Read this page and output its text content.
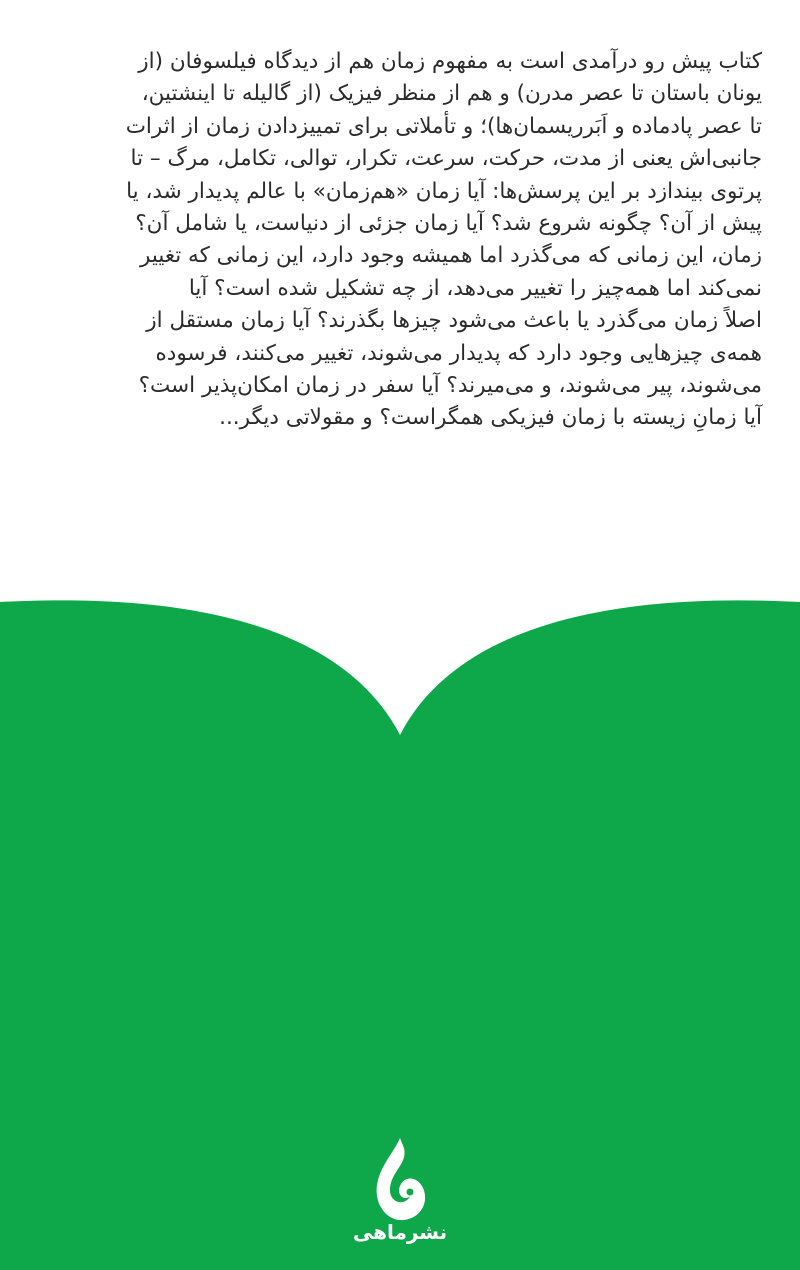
کتاب پیش رو درآمدی است به مفهوم زمان هم از دیدگاه فیلسوفان (از
یونان باستان تا عصر مدرن) و هم از منظر فیزیک (از گالیله تا اینشتین،
تا عصر پادماده و اَبَرریسمان‌ها)؛ و تأملاتی برای تمییزدادن زمان از اثرات
جانبی‌اش یعنی از مدت، حرکت، سرعت، تکرار، توالی، تکامل، مرگ – تا
پرتوی بیندازد بر این پرسش‌ها: آیا زمان «هم‌زمان» با عالم پدیدار شد، یا
پیش از آن؟ چگونه شروع شد؟ آیا زمان جزئی از دنیاست، یا شامل آن؟
زمان، این زمانی که می‌گذرد اما همیشه وجود دارد، این زمانی که تغییر
نمی‌کند اما همه‌چیز را تغییر می‌دهد، از چه تشکیل شده است؟ آیا
اصلاً زمان می‌گذرد یا باعث می‌شود چیزها بگذرند؟ آیا زمان مستقل از
همه‌ی چیزهایی وجود دارد که پدیدار می‌شوند، تغییر می‌کنند، فرسوده
می‌شوند، پیر می‌شوند، و می‌میرند؟ آیا سفر در زمان امکان‌پذیر است؟
آیا زمانِ زیسته با زمان فیزیکی همگراست؟ و مقولاتی دیگر...

نشرماهی
